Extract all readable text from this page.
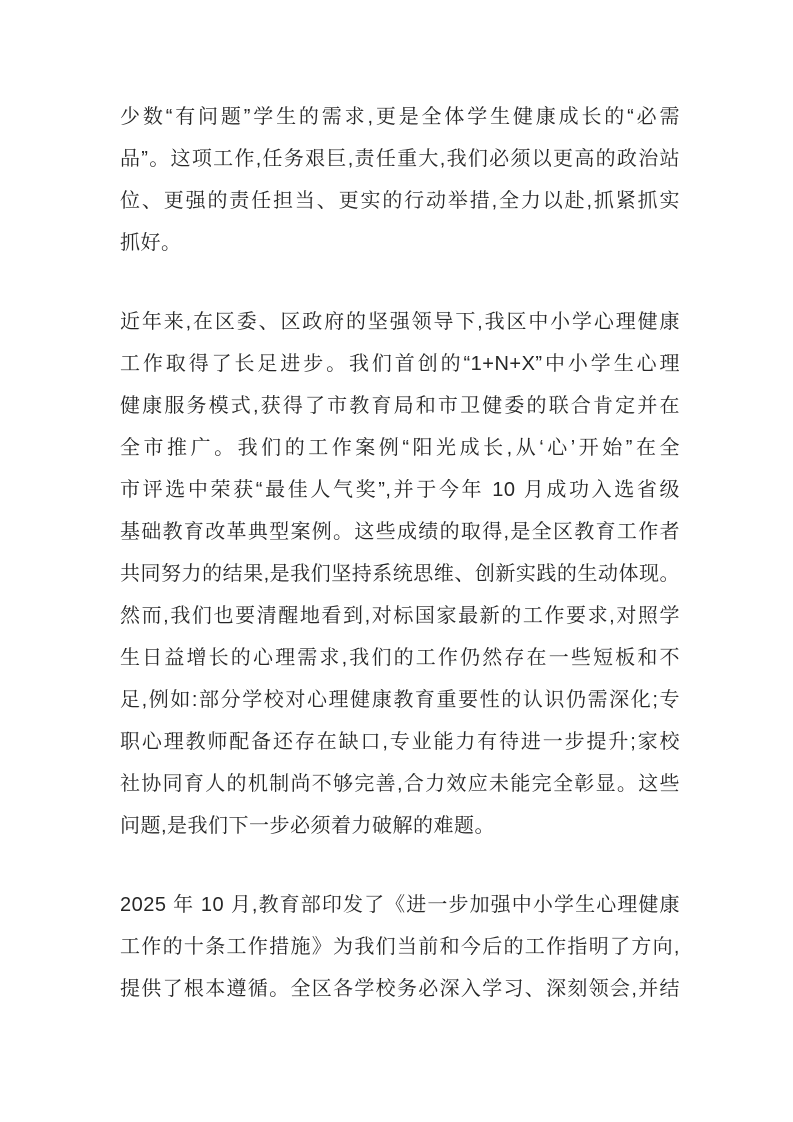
少数“有问题”学生的需求,更是全体学生健康成长的“必需
品”。这项工作,任务艰巨,责任重大,我们必须以更高的政治站
位、更强的责任担当、更实的行动举措,全力以赴,抓紧抓实
抓好。

近年来,在区委、区政府的坚强领导下,我区中小学心理健康
工作取得了长足进步。我们首创的“1+N+X”中小学生心理
健康服务模式,获得了市教育局和市卫健委的联合肯定并在
全市推广。我们的工作案例“阳光成长,从‘心’开始”在全
市评选中荣获“最佳人气奖”,并于今年 10 月成功入选省级
基础教育改革典型案例。这些成绩的取得,是全区教育工作者
共同努力的结果,是我们坚持系统思维、创新实践的生动体现。
然而,我们也要清醒地看到,对标国家最新的工作要求,对照学
生日益增长的心理需求,我们的工作仍然存在一些短板和不
足,例如:部分学校对心理健康教育重要性的认识仍需深化;专
职心理教师配备还存在缺口,专业能力有待进一步提升;家校
社协同育人的机制尚不够完善,合力效应未能完全彰显。这些
问题,是我们下一步必须着力破解的难题。

2025 年 10 月,教育部印发了《进一步加强中小学生心理健康
工作的十条工作措施》为我们当前和今后的工作指明了方向,
提供了根本遵循。全区各学校务必深入学习、深刻领会,并结
